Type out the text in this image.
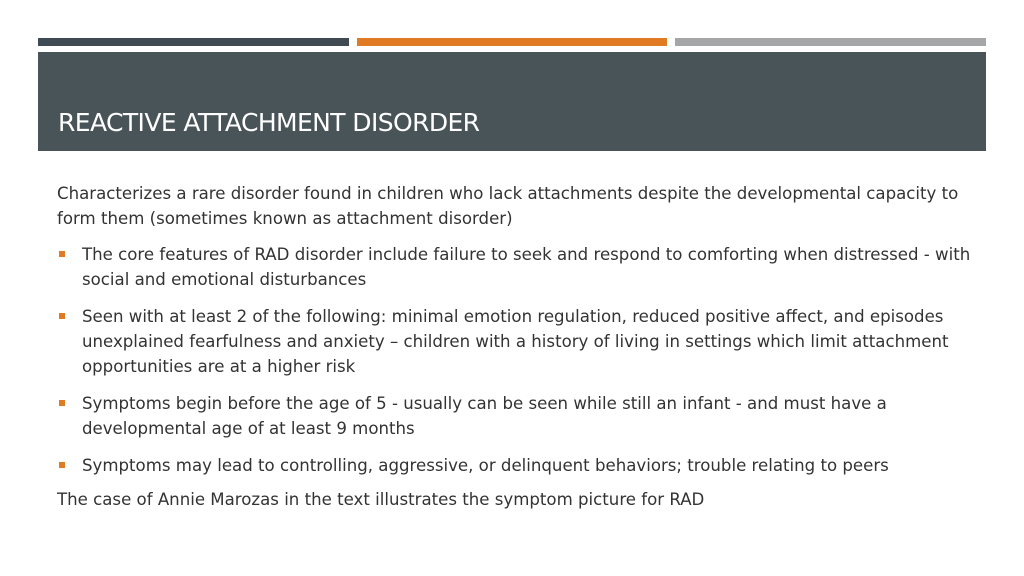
REACTIVE ATTACHMENT DISORDER

Characterizes a rare disorder found in children who lack attachments despite the developmental capacity to form them (sometimes known as attachment disorder)

The core features of RAD disorder include failure to seek and respond to comforting when distressed - with social and emotional disturbances
Seen with at least 2 of the following: minimal emotion regulation, reduced positive affect, and episodes unexplained fearfulness and anxiety – children with a history of living in settings which limit attachment opportunities are at a higher risk
Symptoms begin before the age of 5 - usually can be seen while still an infant - and must have a developmental age of at least 9 months
Symptoms may lead to controlling, aggressive, or delinquent behaviors; trouble relating to peers

The case of Annie Marozas in the text illustrates the symptom picture for RAD
